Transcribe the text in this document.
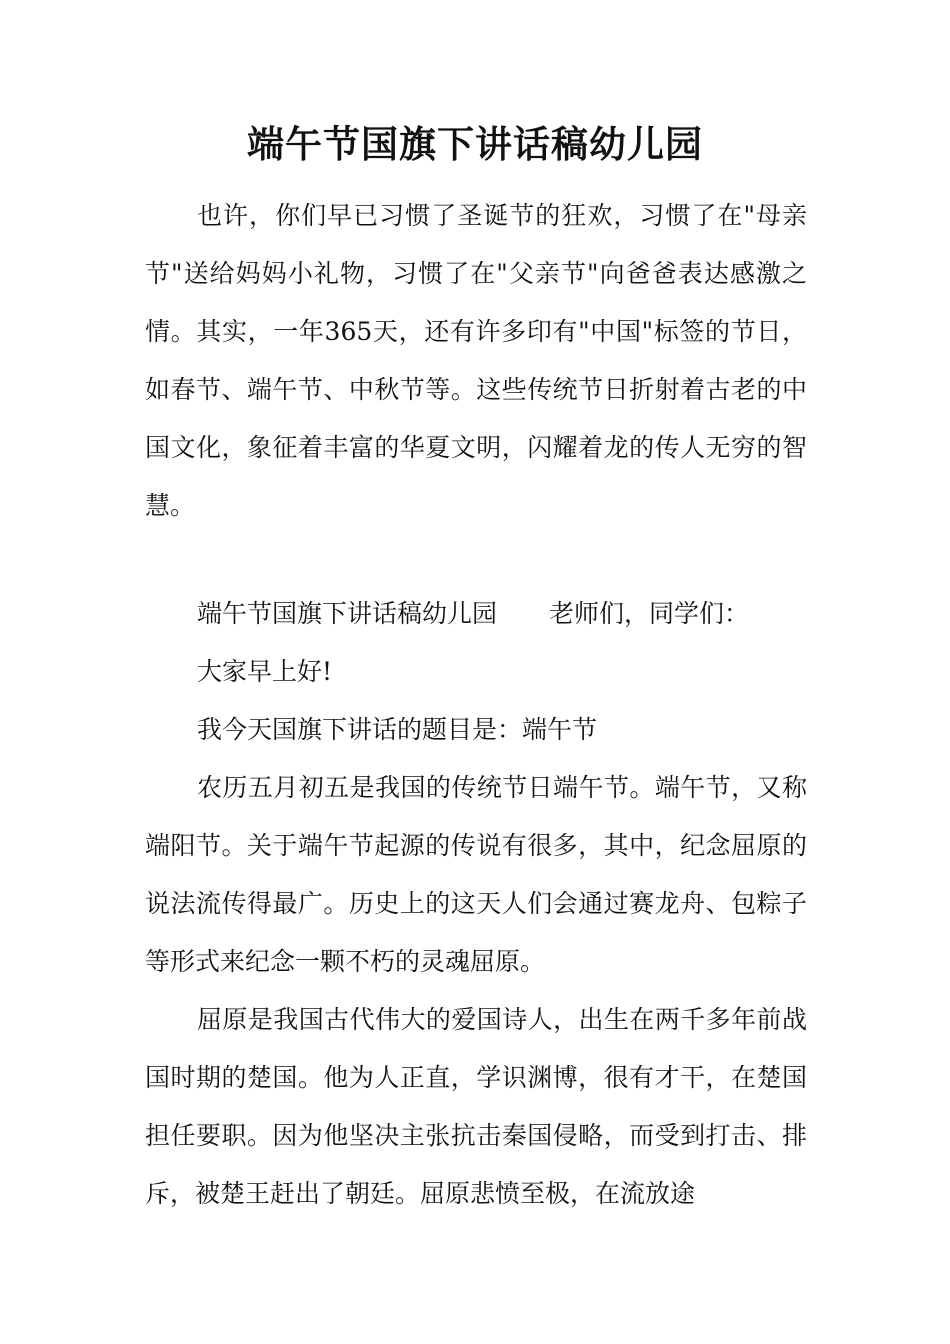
端午节国旗下讲话稿幼儿园

也许，你们早已习惯了圣诞节的狂欢，习惯了在"母亲节"送给妈妈小礼物，习惯了在"父亲节"向爸爸表达感激之情。其实，一年365天，还有许多印有"中国"标签的节日，如春节、端午节、中秋节等。这些传统节日折射着古老的中国文化，象征着丰富的华夏文明，闪耀着龙的传人无穷的智慧。

端午节国旗下讲话稿幼儿园 老师们，同学们：

大家早上好!

我今天国旗下讲话的题目是：端午节

农历五月初五是我国的传统节日端午节。端午节，又称端阳节。关于端午节起源的传说有很多，其中，纪念屈原的说法流传得最广。历史上的这天人们会通过赛龙舟、包粽子等形式来纪念一颗不朽的灵魂屈原。

屈原是我国古代伟大的爱国诗人，出生在两千多年前战国时期的楚国。他为人正直，学识渊博，很有才干，在楚国担任要职。因为他坚决主张抗击秦国侵略，而受到打击、排斥，被楚王赶出了朝廷。屈原悲愤至极，在流放途
